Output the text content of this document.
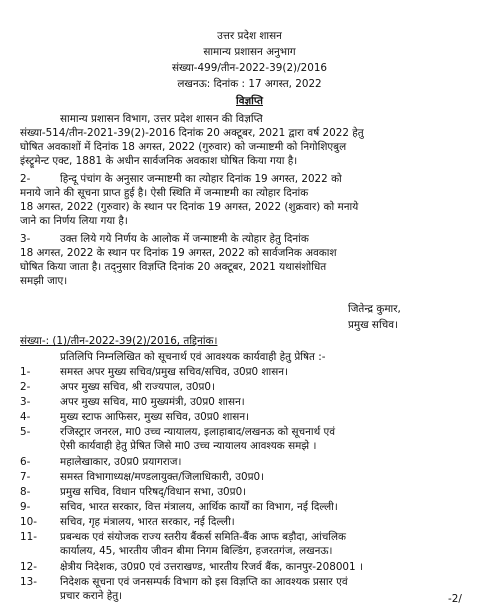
उत्तर प्रदेश शासन
सामान्य प्रशासन अनुभाग
संख्या-499/तीन-2022-39(2)/2016
लखनऊ: दिनांक : 17 अगस्त, 2022
विज्ञप्ति
सामान्य प्रशासन विभाग, उत्तर प्रदेश शासन की विज्ञप्ति
संख्या-514/तीन-2021-39(2)-2016 दिनांक 20 अक्टूबर, 2021 द्वारा वर्ष 2022 हेतु
घोषित अवकाशों में दिनांक 18 अगस्त, 2022 (गुरुवार) को जन्माष्टमी को निगोशिएबुल
इंस्ट्रूमेन्ट एक्ट, 1881 के अधीन सार्वजनिक अवकाश घोषित किया गया है।
2-	हिन्दू पंचांग के अनुसार जन्माष्टमी का त्योहार दिनांक 19 अगस्त, 2022 को
मनाये जाने की सूचना प्राप्त हुई है। ऐसी स्थिति में जन्माष्टमी का त्योहार दिनांक
18 अगस्त, 2022 (गुरुवार) के स्थान पर दिनांक 19 अगस्त, 2022 (शुक्रवार) को मनाये
जाने का निर्णय लिया गया है।
3-	उक्त लिये गये निर्णय के आलोक में जन्माष्टमी के त्योहार हेतु दिनांक
18 अगस्त, 2022 के स्थान पर दिनांक 19 अगस्त, 2022 को सार्वजनिक अवकाश
घोषित किया जाता है। तद्नुसार विज्ञप्ति दिनांक 20 अक्टूबर, 2021 यथासंशोधित
समझी जाए।
जितेन्द्र कुमार,
प्रमुख सचिव।
संख्या-: (1)/तीन-2022-39(2)/2016, तद्दिनांक।
प्रतिलिपि निम्नलिखित को सूचनार्थ एवं आवश्यक कार्यवाही हेतु प्रेषित :-
1-	समस्त अपर मुख्य सचिव/प्रमुख सचिव/सचिव, उ0प्र0 शासन।
2-	अपर मुख्य सचिव, श्री राज्यपाल, उ0प्र0।
3-	अपर मुख्य सचिव, मा0 मुख्यमंत्री, उ0प्र0 शासन।
4-	मुख्य स्टाफ आफिसर, मुख्य सचिव, उ0प्र0 शासन।
5-	रजिस्ट्रार जनरल, मा0 उच्च न्यायालय, इलाहाबाद/लखनऊ को सूचनार्थ एवं
ऐसी कार्यवाही हेतु प्रेषित जिसे मा0 उच्च न्यायालय आवश्यक समझे ।
6-	महालेखाकार, उ0प्र0 प्रयागराज।
7-	समस्त विभागाध्यक्ष/मण्डलायुक्त/जिलाधिकारी, उ0प्र0।
8-	प्रमुख सचिव, विधान परिषद्/विधान सभा, उ0प्र0।
9-	सचिव, भारत सरकार, वित्त मंत्रालय, आर्थिक कार्यों का विभाग, नई दिल्ली।
10- सचिव, गृह मंत्रालय, भारत सरकार, नई दिल्ली।
11- प्रबन्धक एवं संयोजक राज्य स्तरीय बैंकर्स समिति-बैंक आफ बड़ौदा, आंचलिक
कार्यालय, 45, भारतीय जीवन बीमा निगम बिल्डिंग, हजरतगंज, लखनऊ।
12- क्षेत्रीय निदेशक, उ0प्र0 एवं उत्तराखण्ड, भारतीय रिजर्व बैंक, कानपुर-208001 ।
13- निदेशक सूचना एवं जनसम्पर्क विभाग को इस विज्ञप्ति का आवश्यक प्रसार एवं
प्रचार कराने हेतु।	-2/
